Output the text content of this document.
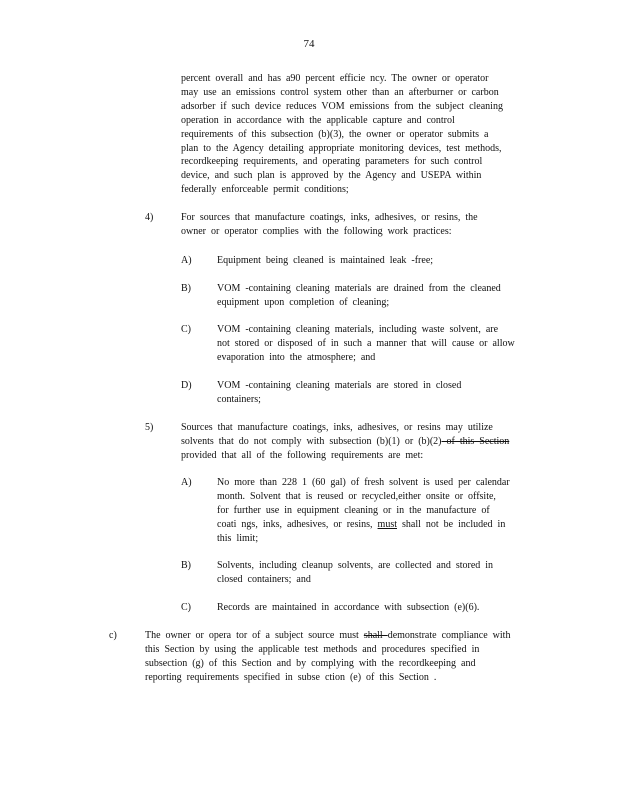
74
percent overall and has a90 percent efficie ncy. The owner or operator
may use an emissions control system other than an afterburner or carbon
adsorber if such device reduces VOM emissions from the subject cleaning
operation in accordance with the applicable capture and control
requirements of this subsection (b)(3), the owner or operator submits a
plan to the Agency detailing appropriate monitoring devices, test methods,
recordkeeping requirements, and operating parameters for such control
device, and such plan is approved by the Agency and USEPA within
federally enforceable permit conditions;
4)	For sources that manufacture coatings, inks, adhesives, or resins, the
owner or operator complies with the following work practices:
A)	Equipment being cleaned is maintained leak -free;
B)	VOM -containing cleaning materials are drained from the cleaned
equipment upon completion of cleaning;
C)	VOM -containing cleaning materials, including waste solvent, are
not stored or disposed of in such a manner that will cause or allow
evaporation into the atmosphere; and
D)	VOM -containing cleaning materials are stored in closed
containers;
5)	Sources that manufacture coatings, inks, adhesives, or resins may utilize
solvents that do not comply with subsection (b)(1) or (b)(2) of this Section
provided that all of the following requirements are met:
A)	No more than 228 1 (60 gal) of fresh solvent is used per calendar
month. Solvent that is reused or recycled,either onsite or offsite,
for further use in equipment cleaning or in the manufacture of
coati ngs, inks, adhesives, or resins, must shall not be included in
this limit;
B)	Solvents, including cleanup solvents, are collected and stored in
closed containers; and
C)	Records are maintained in accordance with subsection (e)(6).
c)	The owner or opera tor of a subject source must shall demonstrate compliance with
this Section by using the applicable test methods and procedures specified in
subsection (g) of this Section and by complying with the recordkeeping and
reporting requirements specified in subse ction (e) of this Section .
